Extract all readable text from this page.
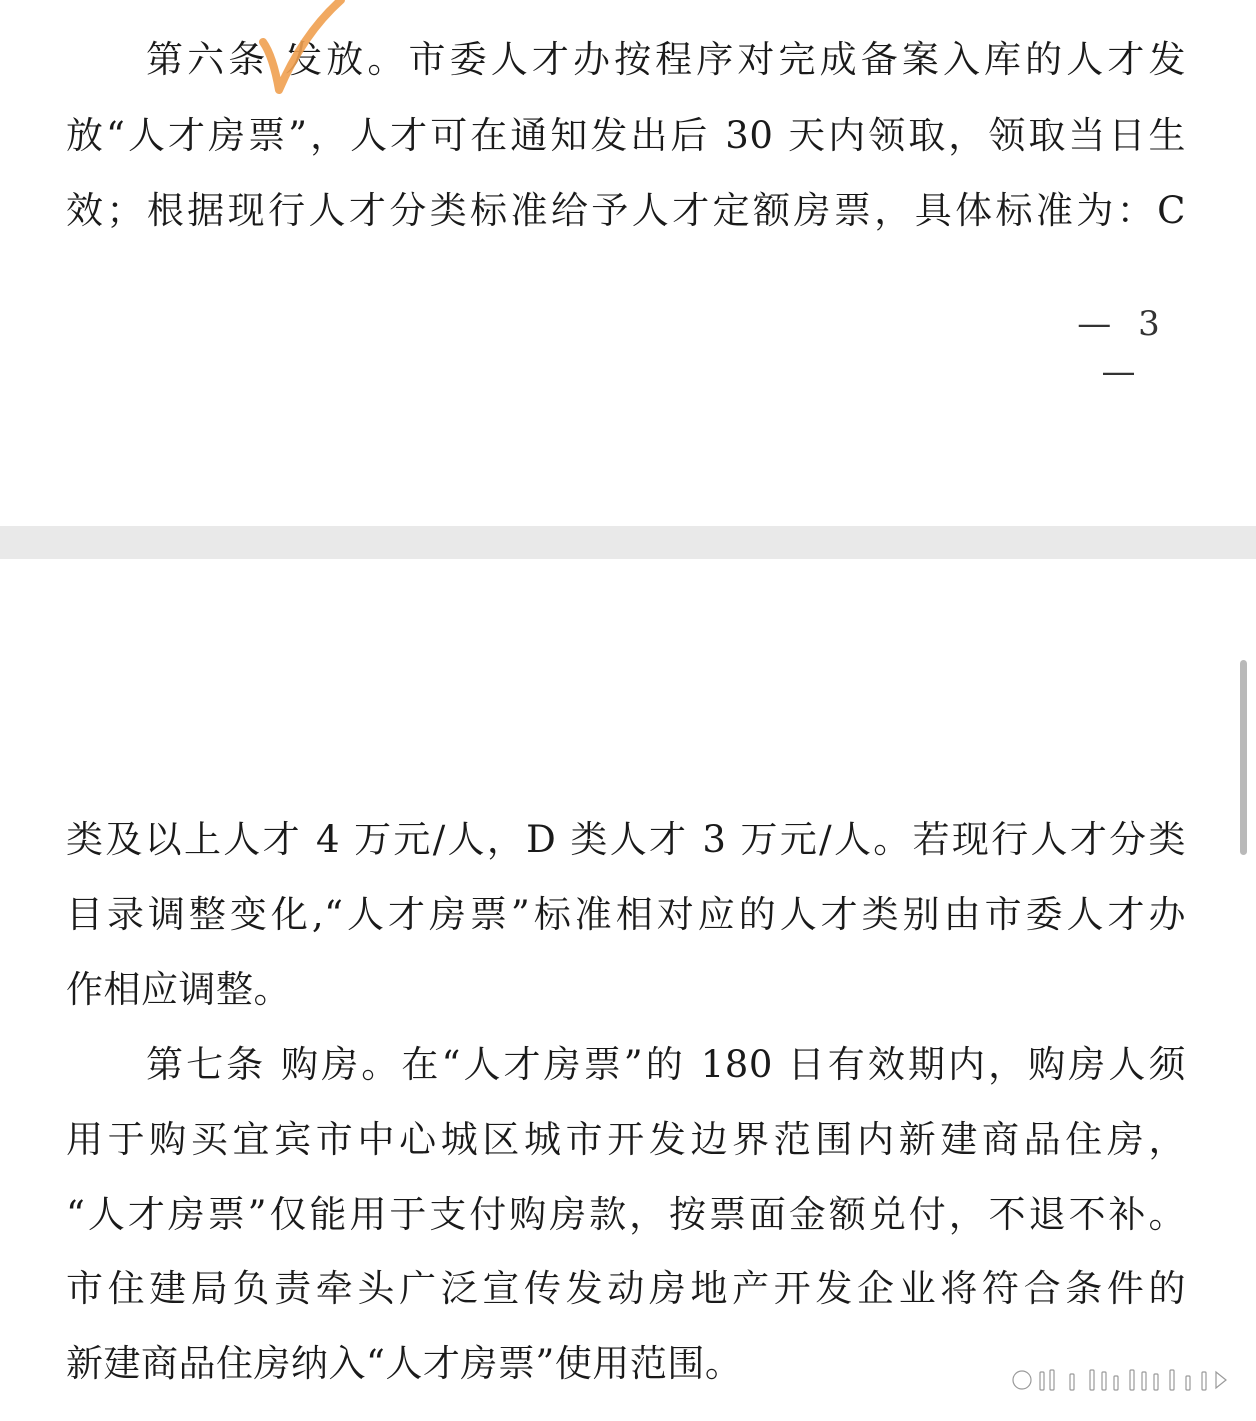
第六条 发放。市委人才办按程序对完成备案入库的人才发
放“人才房票”，人才可在通知发出后 30 天内领取，领取当日生
效；根据现行人才分类标准给予人才定额房票，具体标准为：C
— 3 —
类及以上人才 4 万元/人，D 类人才 3 万元/人。若现行人才分类
目录调整变化,“人才房票”标准相对应的人才类别由市委人才办
作相应调整。
第七条 购房。在“人才房票”的 180 日有效期内，购房人须
用于购买宜宾市中心城区城市开发边界范围内新建商品住房，
“人才房票”仅能用于支付购房款，按票面金额兑付，不退不补。
市住建局负责牵头广泛宣传发动房地产开发企业将符合条件的
新建商品住房纳入“人才房票”使用范围。
